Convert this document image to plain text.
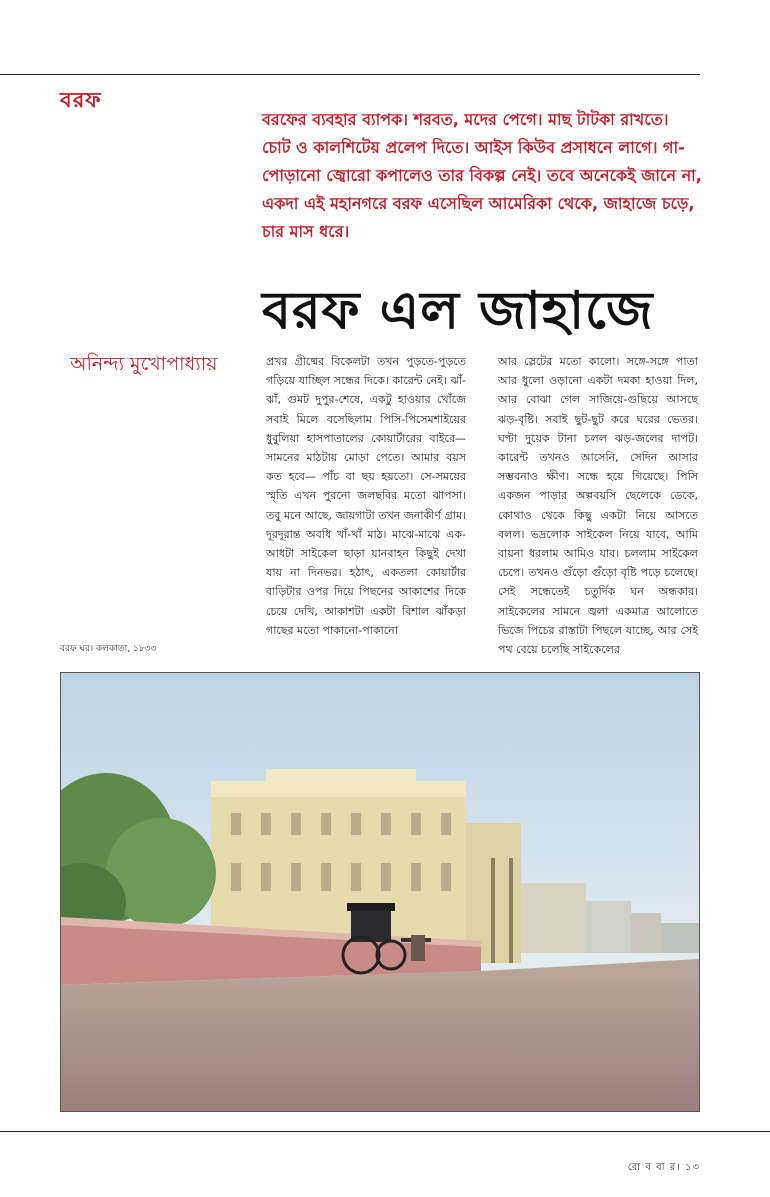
বরফ
বরফের ব্যবহার ব্যাপক। শরবত, মদের পেগে। মাছ টাটকা রাখতে। চোট ও কালশিটেয় প্রলেপ দিতে। আইস কিউব প্রসাধনে লাগে। গা-পোড়ানো জ্বোরো কপালেও তার বিকল্প নেই। তবে অনেকেই জানে না, একদা এই মহানগরে বরফ এসেছিল আমেরিকা থেকে, জাহাজে চড়ে, চার মাস ধরে।
বরফ এল জাহাজে
অনিন্দ্য মুখোপাধ্যায়	প্রখর গ্রীষ্মের বিকেলটা তখন পুড়তে-পুড়তে গড়িয়ে যাচ্ছিল সন্ধের দিকে। কারেন্ট নেই। ঝাঁ-ঝাঁ, গুমট দুপুর-শেষে, একটু হাওয়ার খোঁজে সবাই মিলে বসেছিলাম পিসি-পিসেমশাইয়ের ধুবুলিয়া হাসপাতালের কোয়ার্টারের বাইরে— সামনের মাঠটায় মোড়া পেতে। আমার বয়স কত হবে— পাঁচ বা ছয় হয়তো। সে-সময়ের স্মৃতি এখন পুরনো জলছবির মতো ঝাপসা। তবু মনে আছে, জায়গাটা তখন জনাকীর্ণ গ্রাম। দূরদূরান্ত অবধি খাঁ-খাঁ মাঠ। মাঝে-মাঝে এক-আধটা সাইকেল ছাড়া যানবাহন কিছুই দেখা যায় না দিনভর। হঠাৎ, একতলা কোয়ার্টার বাড়িটার ওপর দিয়ে পিছনের আকাশের দিকে চেয়ে দেখি, আকাশটা একটা বিশাল ঝাঁকড়া গাছের মতো পাকানো-পাকানো
আর স্লেটের মতো কালো। সঙ্গে-সঙ্গে পাতা আর ধুলো ওড়ানো একটা দমকা হাওয়া দিল, আর বোঝা গেল সাজিয়ে-গুছিয়ে আসছে ঝড়-বৃষ্টি। সবাই ছুট-ছুট করে ঘরের ভেতর। ঘণ্টা দুয়েক টানা চলল ঝড়-জলের দাপট। কারেন্ট তখনও আসেনি, সেদিন আসার সম্ভবনাও ক্ষীণ। সন্ধে হয়ে গিয়েছে। পিসি একজন পাড়ার অল্পবয়সি ছেলেকে ডেকে, কোথাও থেকে কিছু একটা নিয়ে আসতে বলল। ভদ্রলোক সাইকেল নিয়ে যাবে, আমি বায়না ধরলাম আমিও যাব। চললাম সাইকেল চেপে। তখনও গুঁড়ো গুঁড়ো বৃষ্টি পড়ে চলেছে। সেই সন্ধেতেই চতুর্দিক ঘন অন্ধকার। সাইকেলের সামনে জ্বলা একমাত্র আলোতে ভিজে পিচের রাস্তাটা পিছলে যাচ্ছে, আর সেই পথ বেয়ে চলেছি সাইকেলের
বরফ ঘর। কলকাতা, ১৮৩৩
রো ব বা র। ১৩
